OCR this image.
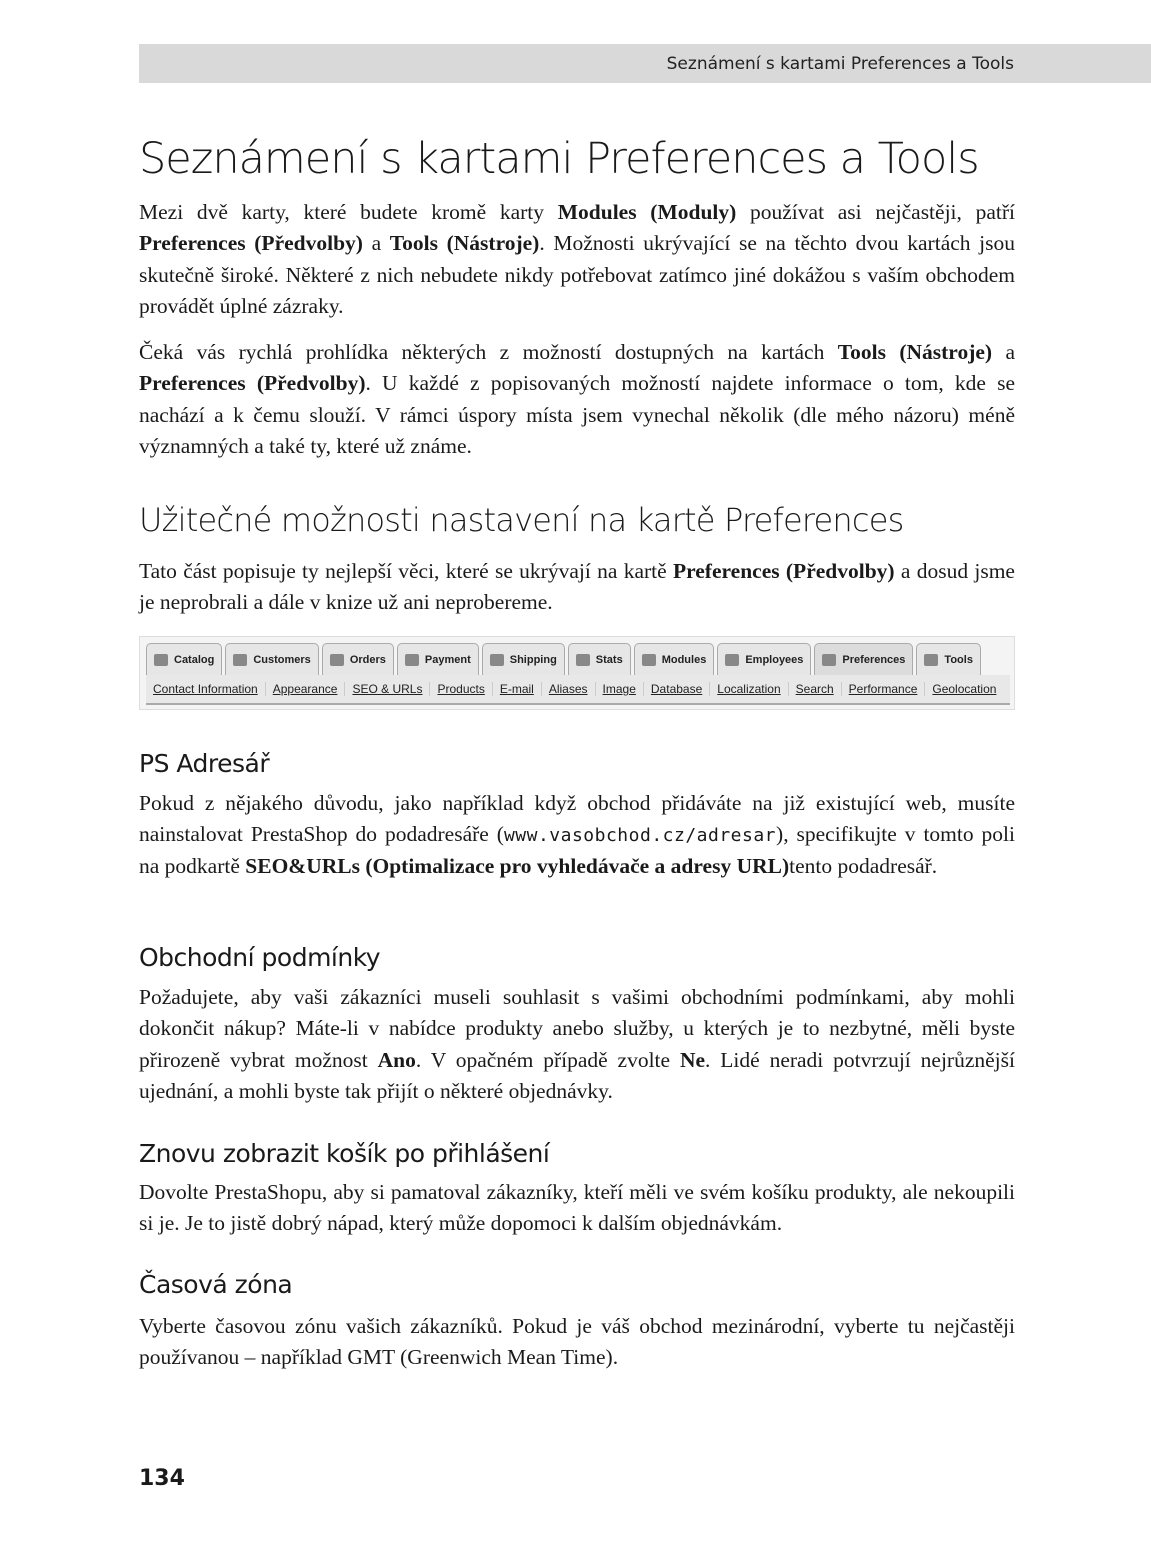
Seznámení s kartami Preferences a Tools
Seznámení s kartami Preferences a Tools

Mezi dvě karty, které budete kromě karty Modules (Moduly) používat asi nejčastěji, patří Preferences (Předvolby) a Tools (Nástroje). Možnosti ukrývající se na těchto dvou kartách jsou skutečně široké. Některé z nich nebudete nikdy potřebovat zatímco jiné dokážou s vaším obchodem provádět úplné zázraky.

Čeká vás rychlá prohlídka některých z možností dostupných na kartách Tools (Nástroje) a Preferences (Předvolby). U každé z popisovaných možností najdete informace o tom, kde se nachází a k čemu slouží. V rámci úspory místa jsem vynechal několik (dle mého názoru) méně významných a také ty, které už známe.

Užitečné možnosti nastavení na kartě Preferences

Tato část popisuje ty nejlepší věci, které se ukrývají na kartě Preferences (Předvolby) a dosud jsme je neprobrali a dále v knize už ani neprobereme.

Catalog	Customers	Orders	Payment	Shipping	Stats	Modules	Employees	Preferences	Tools
Contact Information	Appearance	SEO & URLs	Products	E-mail	Aliases	Image	Database	Localization	Search	Performance	Geolocation
PS Adresář

Pokud z nějakého důvodu, jako například když obchod přidáváte na již existující web, musíte nainstalovat PrestaShop do podadresáře (www.vasobchod.cz/adresar), specifikujte v tomto poli na podkartě SEO&URLs (Optimalizace pro vyhledávače a adresy URL)tento podadresář.

Obchodní podmínky

Požadujete, aby vaši zákazníci museli souhlasit s vašimi obchodními podmínkami, aby mohli dokončit nákup? Máte-li v nabídce produkty anebo služby, u kterých je to nezbytné, měli byste přirozeně vybrat možnost Ano. V opačném případě zvolte Ne. Lidé neradi potvrzují nejrůznější ujednání, a mohli byste tak přijít o některé objednávky.

Znovu zobrazit košík po přihlášení

Dovolte PrestaShopu, aby si pamatoval zákazníky, kteří měli ve svém košíku produkty, ale nekoupili si je. Je to jistě dobrý nápad, který může dopomoci k dalším objednávkám.

Časová zóna

Vyberte časovou zónu vašich zákazníků. Pokud je váš obchod mezinárodní, vyberte tu nejčastěji používanou – například GMT (Greenwich Mean Time).

134
